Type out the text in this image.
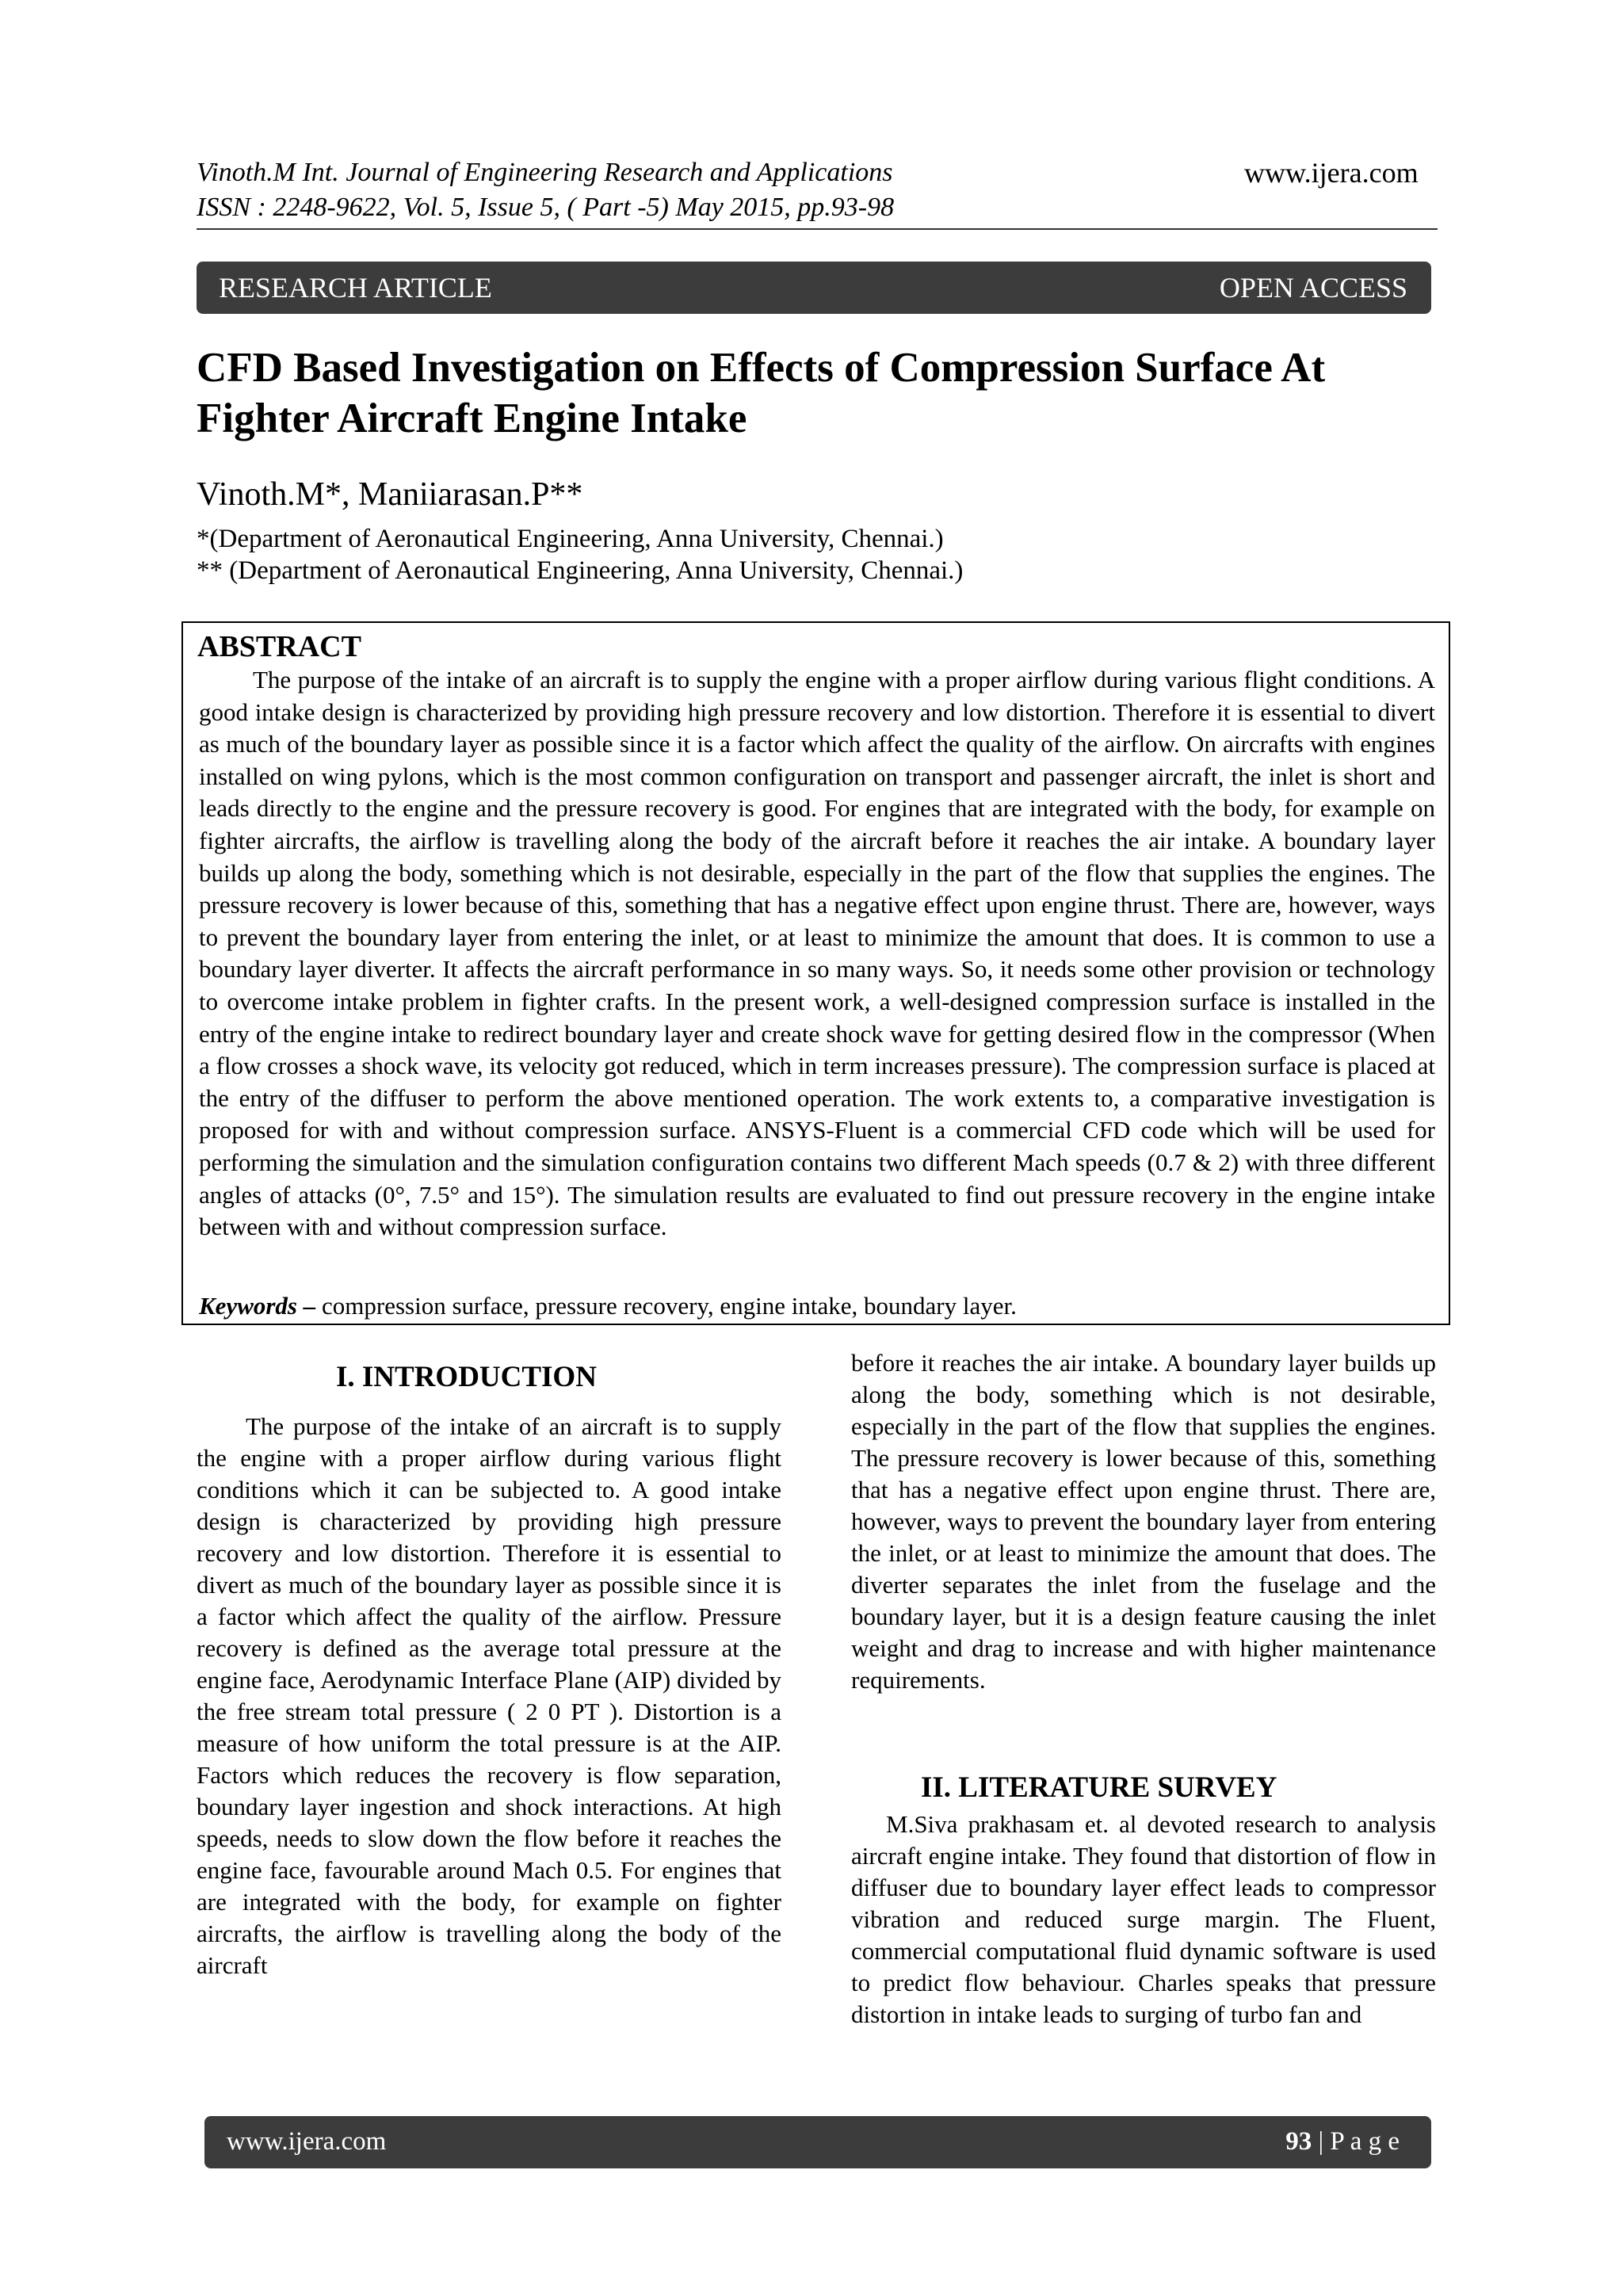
Vinoth.M Int. Journal of Engineering Research and Applications
ISSN : 2248-9622, Vol. 5, Issue 5, ( Part -5) May 2015, pp.93-98
www.ijera.com
RESEARCH ARTICLE	OPEN ACCESS
CFD Based Investigation on Effects of Compression Surface At Fighter Aircraft Engine Intake
Vinoth.M*, Maniiarasan.P**
*(Department of Aeronautical Engineering, Anna University, Chennai.)
** (Department of Aeronautical Engineering, Anna University, Chennai.)
ABSTRACT

The purpose of the intake of an aircraft is to supply the engine with a proper airflow during various flight conditions. A good intake design is characterized by providing high pressure recovery and low distortion. Therefore it is essential to divert as much of the boundary layer as possible since it is a factor which affect the quality of the airflow. On aircrafts with engines installed on wing pylons, which is the most common configuration on transport and passenger aircraft, the inlet is short and leads directly to the engine and the pressure recovery is good. For engines that are integrated with the body, for example on fighter aircrafts, the airflow is travelling along the body of the aircraft before it reaches the air intake. A boundary layer builds up along the body, something which is not desirable, especially in the part of the flow that supplies the engines. The pressure recovery is lower because of this, something that has a negative effect upon engine thrust. There are, however, ways to prevent the boundary layer from entering the inlet, or at least to minimize the amount that does. It is common to use a boundary layer diverter. It affects the aircraft performance in so many ways. So, it needs some other provision or technology to overcome intake problem in fighter crafts. In the present work, a well-designed compression surface is installed in the entry of the engine intake to redirect boundary layer and create shock wave for getting desired flow in the compressor (When a flow crosses a shock wave, its velocity got reduced, which in term increases pressure). The compression surface is placed at the entry of the diffuser to perform the above mentioned operation. The work extents to, a comparative investigation is proposed for with and without compression surface. ANSYS-Fluent is a commercial CFD code which will be used for performing the simulation and the simulation configuration contains two different Mach speeds (0.7 & 2) with three different angles of attacks (0°, 7.5° and 15°). The simulation results are evaluated to find out pressure recovery in the engine intake between with and without compression surface.

Keywords – compression surface, pressure recovery, engine intake, boundary layer.
I. INTRODUCTION

The purpose of the intake of an aircraft is to supply the engine with a proper airflow during various flight conditions which it can be subjected to. A good intake design is characterized by providing high pressure recovery and low distortion. Therefore it is essential to divert as much of the boundary layer as possible since it is a factor which affect the quality of the airflow. Pressure recovery is defined as the average total pressure at the engine face, Aerodynamic Interface Plane (AIP) divided by the free stream total pressure ( 2 0 PT ). Distortion is a measure of how uniform the total pressure is at the AIP. Factors which reduces the recovery is flow separation, boundary layer ingestion and shock interactions. At high speeds, needs to slow down the flow before it reaches the engine face, favourable around Mach 0.5. For engines that are integrated with the body, for example on fighter aircrafts, the airflow is travelling along the body of the aircraft

before it reaches the air intake. A boundary layer builds up along the body, something which is not desirable, especially in the part of the flow that supplies the engines. The pressure recovery is lower because of this, something that has a negative effect upon engine thrust. There are, however, ways to prevent the boundary layer from entering the inlet, or at least to minimize the amount that does. The diverter separates the inlet from the fuselage and the boundary layer, but it is a design feature causing the inlet weight and drag to increase and with higher maintenance requirements.

II. LITERATURE SURVEY

M.Siva prakhasam et. al devoted research to analysis aircraft engine intake. They found that distortion of flow in diffuser due to boundary layer effect leads to compressor vibration and reduced surge margin. The Fluent, commercial computational fluid dynamic software is used to predict flow behaviour. Charles speaks that pressure distortion in intake leads to surging of turbo fan and

www.ijera.com	93 | P a g e
